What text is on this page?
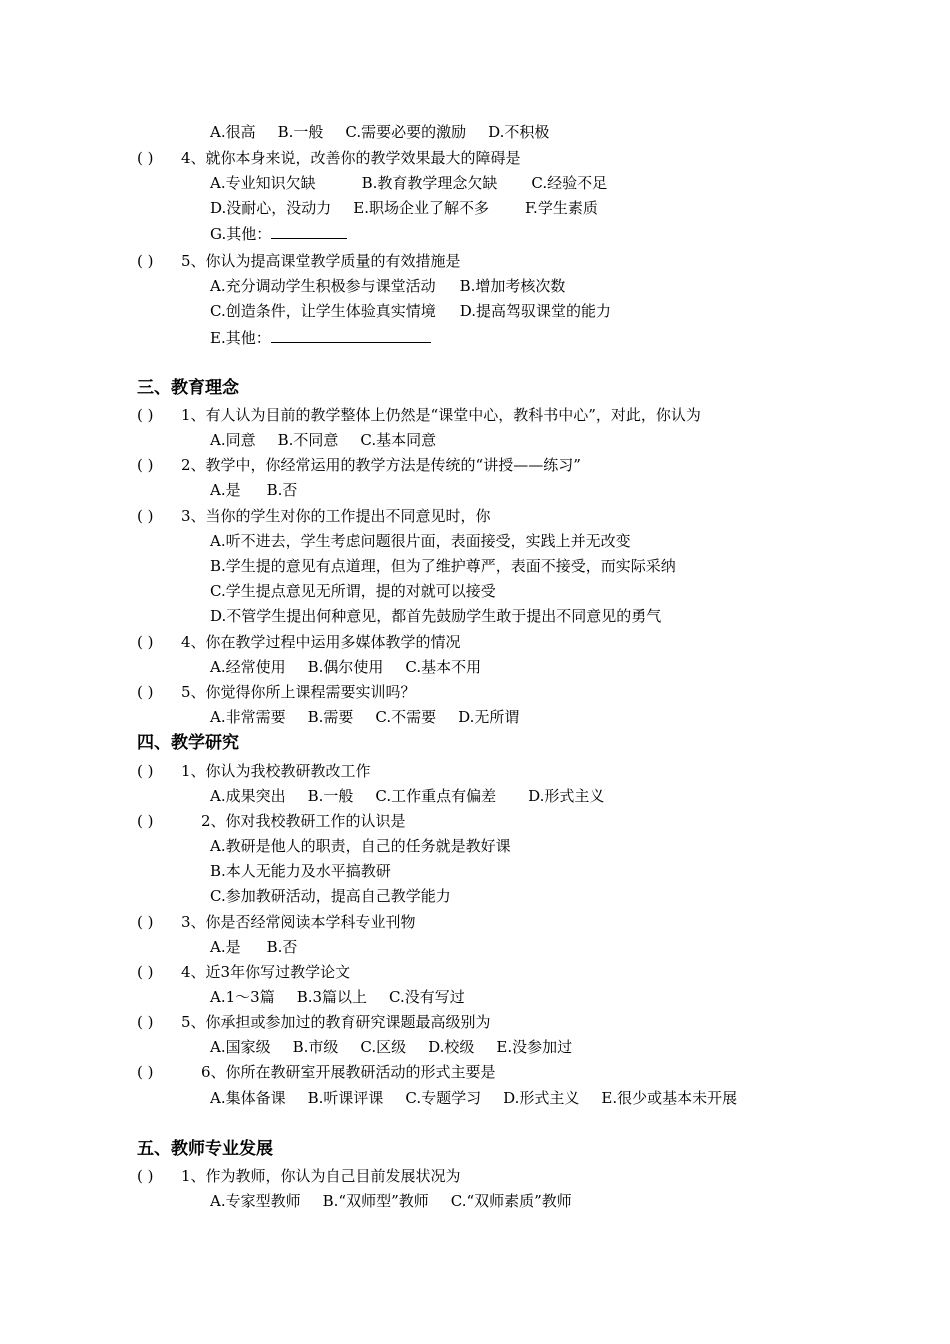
A.很高 B.一般 C.需要必要的激励 D.不积极
( ) 4、就你本身来说，改善你的教学效果最大的障碍是
A.专业知识欠缺	B.教育教学理念欠缺 C.经验不足
D.没耐心，没动力 E.职场企业了解不多 F.学生素质
G.其他：
( ) 5、你认为提高课堂教学质量的有效措施是
A.充分调动学生积极参与课堂活动 B.增加考核次数
C.创造条件，让学生体验真实情境 D.提高驾驭课堂的能力
E.其他：
三、教育理念
( ) 1、有人认为目前的教学整体上仍然是“课堂中心，教科书中心”，对此，你认为
A.同意 B.不同意 C.基本同意
( ) 2、教学中，你经常运用的教学方法是传统的“讲授——练习”
A.是 B.否
( ) 3、当你的学生对你的工作提出不同意见时，你
A.听不进去，学生考虑问题很片面，表面接受，实践上并无改变
B.学生提的意见有点道理，但为了维护尊严，表面不接受，而实际采纳
C.学生提点意见无所谓，提的对就可以接受
D.不管学生提出何种意见，都首先鼓励学生敢于提出不同意见的勇气
( ) 4、你在教学过程中运用多媒体教学的情况
A.经常使用 B.偶尔使用 C.基本不用
( ) 5、你觉得你所上课程需要实训吗？
A.非常需要 B.需要 C.不需要 D.无所谓
四、教学研究
( ) 1、你认为我校教研教改工作
A.成果突出 B.一般 C.工作重点有偏差 D.形式主义
( )	2、你对我校教研工作的认识是
A.教研是他人的职责，自己的任务就是教好课
B.本人无能力及水平搞教研
C.参加教研活动，提高自己教学能力
( ) 3、你是否经常阅读本学科专业刊物
A.是 B.否
( ) 4、近3年你写过教学论文
A.1～3篇 B.3篇以上 C.没有写过
( ) 5、你承担或参加过的教育研究课题最高级别为
A.国家级 B.市级 C.区级 D.校级 E.没参加过
( )	6、你所在教研室开展教研活动的形式主要是
A.集体备课 B.听课评课 C.专题学习 D.形式主义 E.很少或基本未开展
五、教师专业发展
( ) 1、作为教师，你认为自己目前发展状况为
A.专家型教师 B.“双师型”教师 C.“双师素质”教师
